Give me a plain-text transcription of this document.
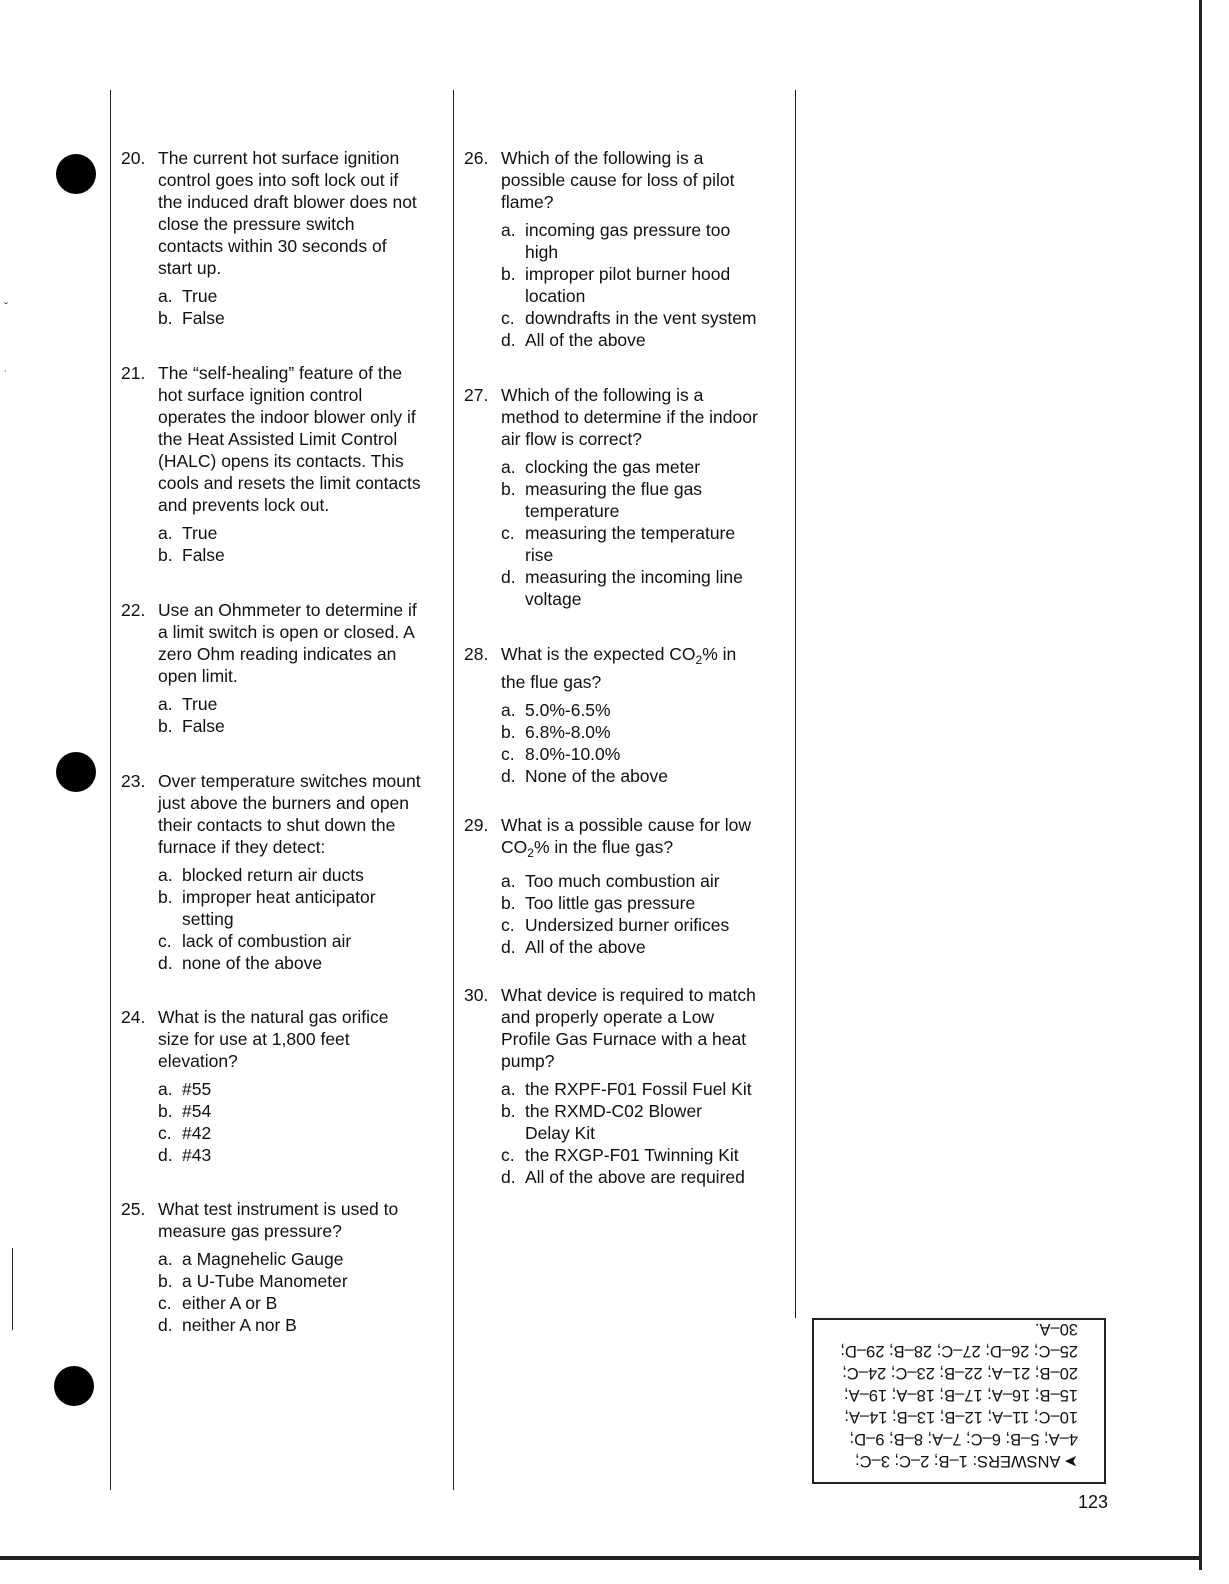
ˇ
˙
20. The current hot surface ignition control goes into soft lock out if the induced draft blower does not close the pressure switch contacts within 30 seconds of start up.
a. True
b. False
21. The “self-healing” feature of the hot surface ignition control operates the indoor blower only if the Heat Assisted Limit Control (HALC) opens its contacts. This cools and resets the limit contacts and prevents lock out.
a. True
b. False
22. Use an Ohmmeter to determine if a limit switch is open or closed. A zero Ohm reading indicates an open limit.
a. True
b. False
23. Over temperature switches mount just above the burners and open their contacts to shut down the furnace if they detect:
a. blocked return air ducts
b. improper heat anticipator setting
c. lack of combustion air
d. none of the above
24. What is the natural gas orifice size for use at 1,800 feet elevation?
a. #55
b. #54
c. #42
d. #43
25. What test instrument is used to measure gas pressure?
a. a Magnehelic Gauge
b. a U-Tube Manometer
c. either A or B
d. neither A nor B
26. Which of the following is a possible cause for loss of pilot flame?
a. incoming gas pressure too high
b. improper pilot burner hood location
c. downdrafts in the vent system
d. All of the above
27. Which of the following is a method to determine if the indoor air flow is correct?
a. clocking the gas meter
b. measuring the flue gas temperature
c. measuring the temperature rise
d. measuring the incoming line voltage
28. What is the expected $CO_2\%$ in the flue gas?
a. 5.0%-6.5%
b. 6.8%-8.0%
c. 8.0%-10.0%
d. None of the above
29. What is a possible cause for low $CO_2\%$ in the flue gas?
a. Too much combustion air
b. Too little gas pressure
c. Undersized burner orifices
d. All of the above
30. What device is required to match and properly operate a Low Profile Gas Furnace with a heat pump?
a. the RXPF-F01 Fossil Fuel Kit
b. the RXMD-C02 Blower Delay Kit
c. the RXGP-F01 Twinning Kit
d. All of the above are required
➤ ANSWERS: 1–B; 2–C; 3–C;
4–A; 5–B; 6–C; 7–A; 8–B; 9–D;
10–C; 11–A; 12–B; 13–B; 14–A;
15–B; 16–A; 17–B; 18–A; 19–A;
20–B; 21–A; 22–B; 23–C; 24–C;
25–C; 26–D; 27–C; 28–B; 29–D;
30–A.
123
